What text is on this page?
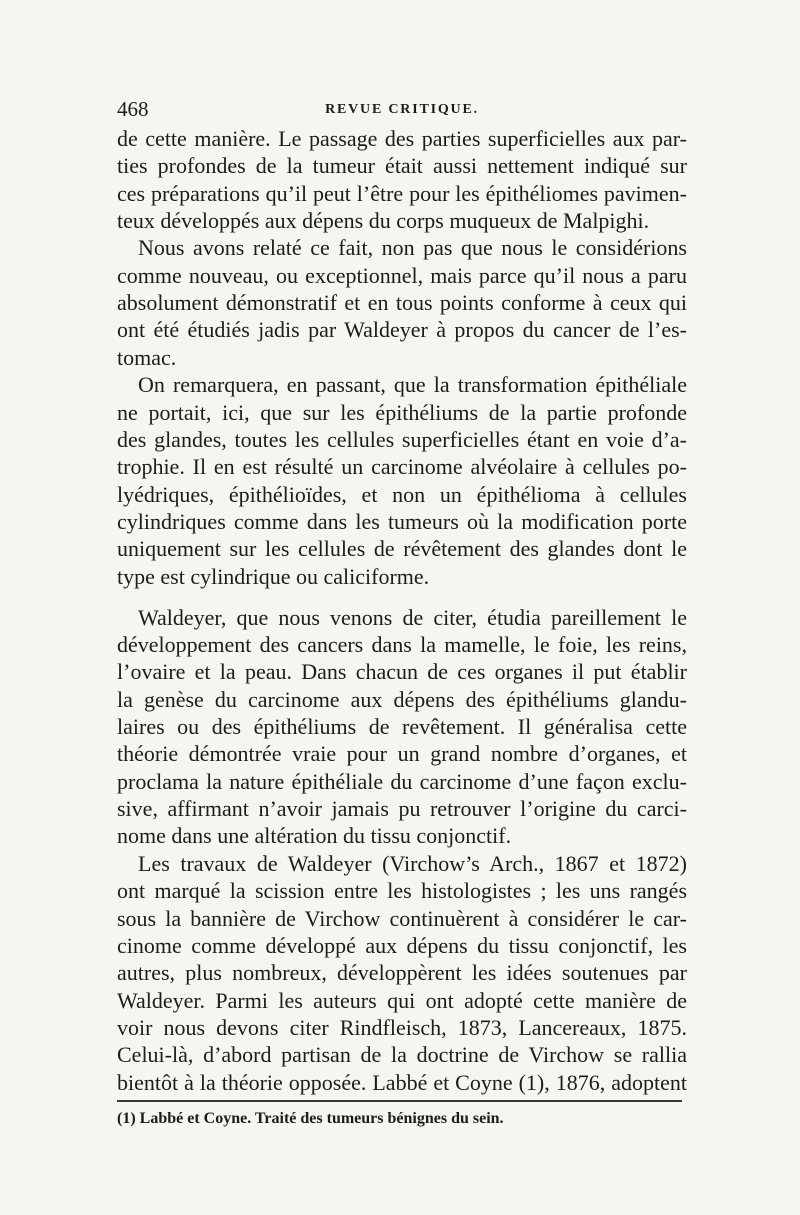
468	REVUE CRITIQUE.
de cette manière. Le passage des parties superficielles aux par-
ties profondes de la tumeur était aussi nettement indiqué sur
ces préparations qu’il peut l’être pour les épithéliomes pavimen-
teux développés aux dépens du corps muqueux de Malpighi.
Nous avons relaté ce fait, non pas que nous le considérions
comme nouveau, ou exceptionnel, mais parce qu’il nous a paru
absolument démonstratif et en tous points conforme à ceux qui
ont été étudiés jadis par Waldeyer à propos du cancer de l’es-
tomac.
On remarquera, en passant, que la transformation épithéliale
ne portait, ici, que sur les épithéliums de la partie profonde
des glandes, toutes les cellules superficielles étant en voie d’a-
trophie. Il en est résulté un carcinome alvéolaire à cellules po-
lyédriques, épithélioïdes, et non un épithélioma à cellules
cylindriques comme dans les tumeurs où la modification porte
uniquement sur les cellules de révêtement des glandes dont le
type est cylindrique ou caliciforme.
Waldeyer, que nous venons de citer, étudia pareillement le
développement des cancers dans la mamelle, le foie, les reins,
l’ovaire et la peau. Dans chacun de ces organes il put établir
la genèse du carcinome aux dépens des épithéliums glandu-
laires ou des épithéliums de revêtement. Il généralisa cette
théorie démontrée vraie pour un grand nombre d’organes, et
proclama la nature épithéliale du carcinome d’une façon exclu-
sive, affirmant n’avoir jamais pu retrouver l’origine du carci-
nome dans une altération du tissu conjonctif.
Les travaux de Waldeyer (Virchow’s Arch., 1867 et 1872)
ont marqué la scission entre les histologistes ; les uns rangés
sous la bannière de Virchow continuèrent à considérer le car-
cinome comme développé aux dépens du tissu conjonctif, les
autres, plus nombreux, développèrent les idées soutenues par
Waldeyer. Parmi les auteurs qui ont adopté cette manière de
voir nous devons citer Rindfleisch, 1873, Lancereaux, 1875.
Celui-là, d’abord partisan de la doctrine de Virchow se rallia
bientôt à la théorie opposée. Labbé et Coyne (1), 1876, adoptent
(1) Labbé et Coyne. Traité des tumeurs bénignes du sein.
